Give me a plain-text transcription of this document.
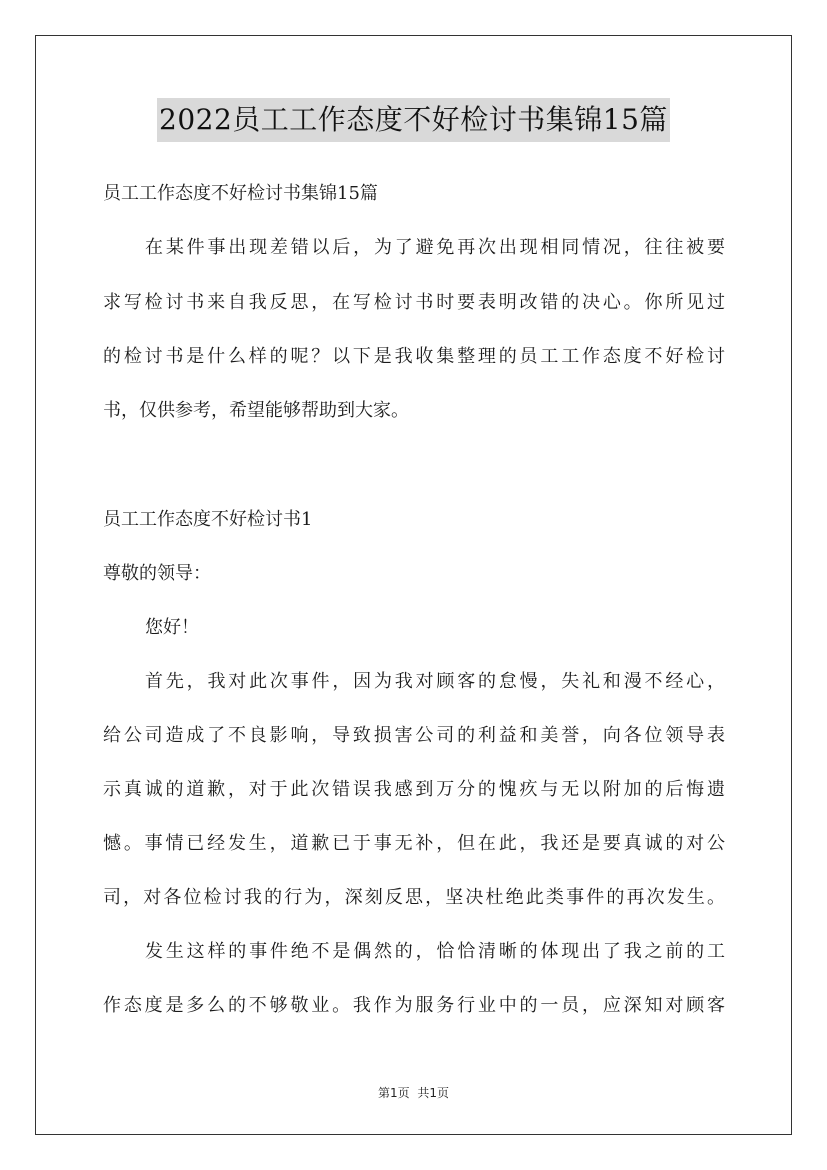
2022员工工作态度不好检讨书集锦15篇
员工工作态度不好检讨书集锦15篇
在某件事出现差错以后，为了避免再次出现相同情况，往往被要
求写检讨书来自我反思，在写检讨书时要表明改错的决心。你所见过
的检讨书是什么样的呢？以下是我收集整理的员工工作态度不好检讨
书，仅供参考，希望能够帮助到大家。
员工工作态度不好检讨书1
尊敬的领导：
您好！
首先，我对此次事件，因为我对顾客的怠慢，失礼和漫不经心，
给公司造成了不良影响，导致损害公司的利益和美誉，向各位领导表
示真诚的道歉，对于此次错误我感到万分的愧疚与无以附加的后悔遗
憾。事情已经发生，道歉已于事无补，但在此，我还是要真诚的对公
司，对各位检讨我的行为，深刻反思，坚决杜绝此类事件的再次发生。
发生这样的事件绝不是偶然的，恰恰清晰的体现出了我之前的工
作态度是多么的不够敬业。我作为服务行业中的一员，应深知对顾客
第1页 共1页
